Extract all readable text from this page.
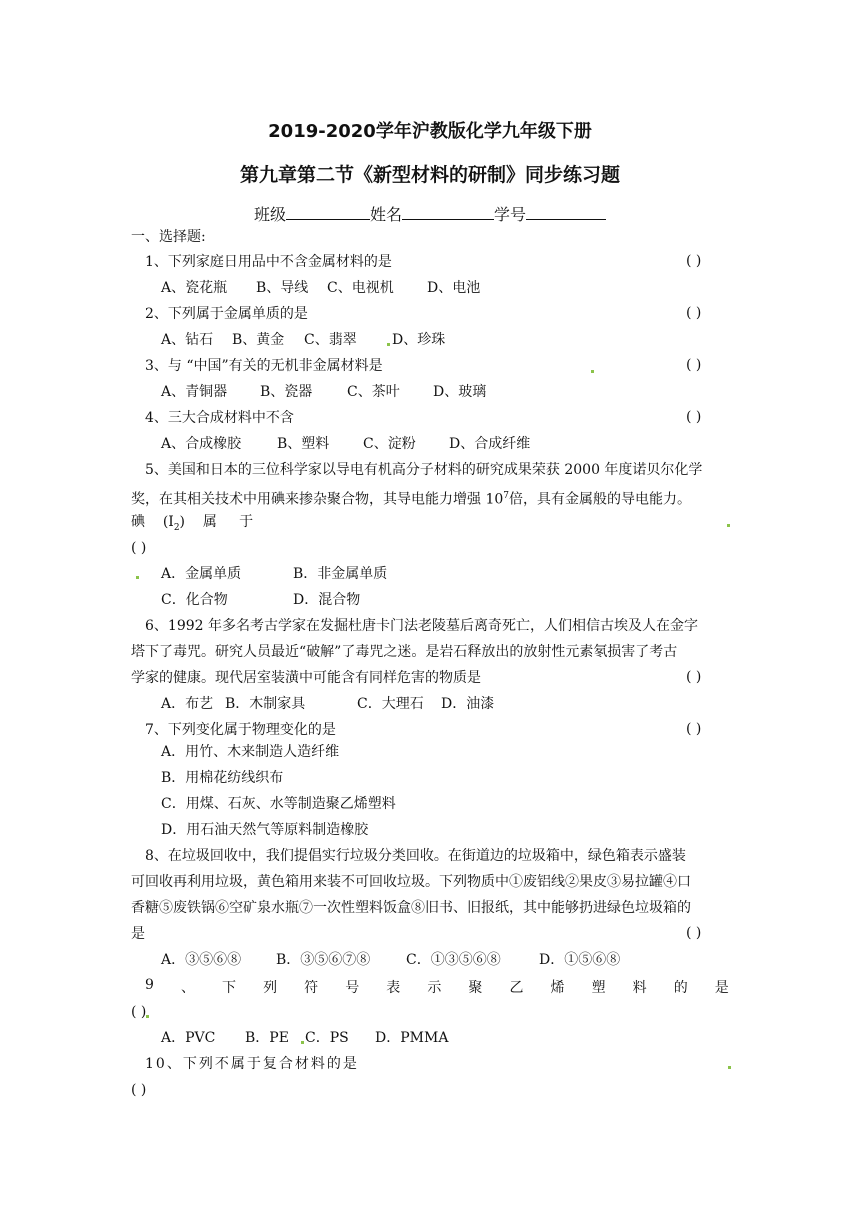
2019-2020学年沪教版化学九年级下册
第九章第二节《新型材料的研制》同步练习题
班级	姓名	学号
一、选择题:
1、下列家庭日用品中不含金属材料的是	( )
A、瓷花瓶 B、导线 C、电视机 D、电池
2、下列属于金属单质的是	( )
A、钻石 B、黄金 C、翡翠	D、珍珠
3、与 “中国”有关的无机非金属材料是	( )
A、青铜器 B、瓷器 C、茶叶 D、玻璃
4、三大合成材料中不含	( )
A、合成橡胶	B、塑料 C、淀粉 D、合成纤维
5、美国和日本的三位科学家以导电有机高分子材料的研究成果荣获 2000 年度诺贝尔化学
奖，在其相关技术中用碘来掺杂聚合物，其导电能力增强 $10^7$倍，具有金属般的导电能力。
碘 $(I_2)$ 属 于
( )
A．金属单质	B．非金属单质
C．化合物	D．混合物
6、1992 年多名考古学家在发掘杜唐卡门法老陵墓后离奇死亡，人们相信古埃及人在金字
塔下了毒咒。研究人员最近“破解”了毒咒之迷。是岩石释放出的放射性元素氡损害了考古
学家的健康。现代居室装潢中可能含有同样危害的物质是	( )
A．布艺 B．木制家具	C．大理石 D．油漆
7、下列变化属于物理变化的是	( )
A．用竹、木来制造人造纤维
B．用棉花纺线织布
C．用煤、石灰、水等制造聚乙烯塑料
D．用石油天然气等原料制造橡胶
8、在垃圾回收中，我们提倡实行垃圾分类回收。在街道边的垃圾箱中，绿色箱表示盛装
可回收再利用垃圾，黄色箱用来装不可回收垃圾。下列物质中①废铝线②果皮③易拉罐④口
香糖⑤废铁锅⑥空矿泉水瓶⑦一次性塑料饭盒⑧旧书、旧报纸，其中能够扔进绿色垃圾箱的
是	( )
A．③⑤⑥⑧ B．③⑤⑥⑦⑧	C．①③⑤⑥⑧	D．①⑤⑥⑧
9 、 下 列 符 号 表 示 聚 乙 烯 塑 料 的 是
( )
A．PVC B．PE C．PS D．PMMA
10、下列不属于复合材料的是
( )
